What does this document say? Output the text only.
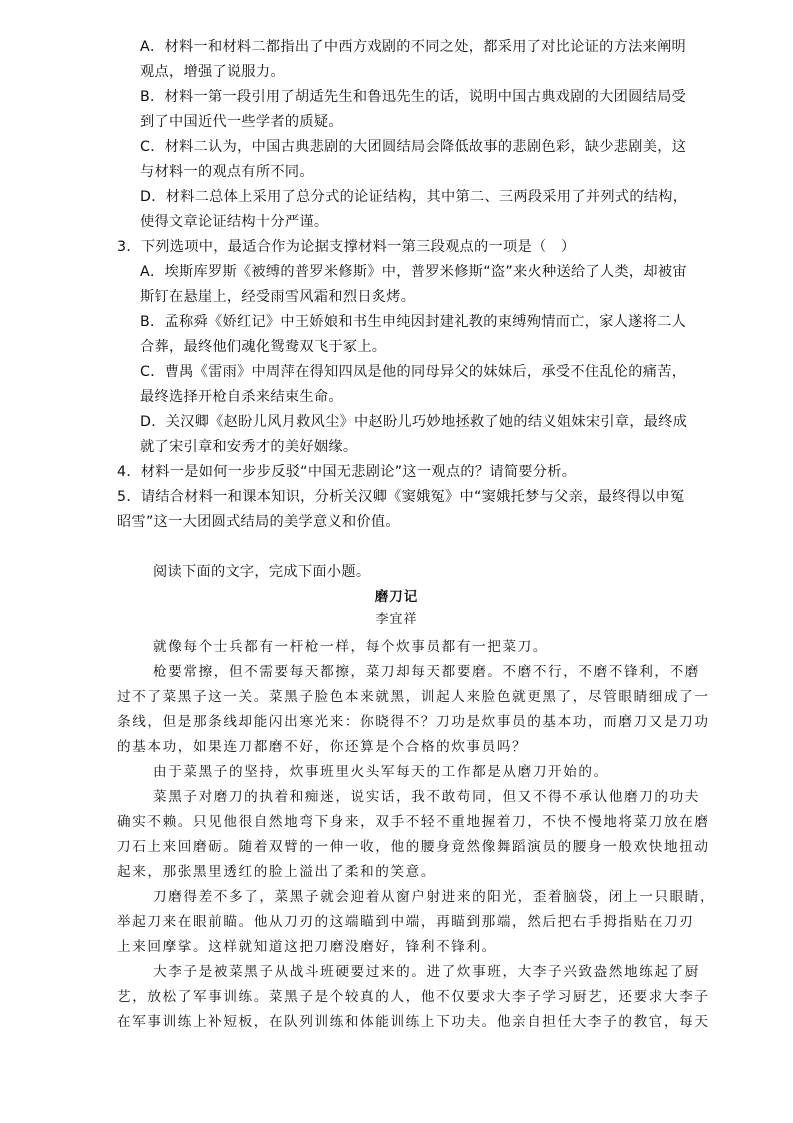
A．材料一和材料二都指出了中西方戏剧的不同之处，都采用了对比论证的方法来阐明
观点，增强了说服力。
B．材料一第一段引用了胡适先生和鲁迅先生的话，说明中国古典戏剧的大团圆结局受
到了中国近代一些学者的质疑。
C．材料二认为，中国古典悲剧的大团圆结局会降低故事的悲剧色彩，缺少悲剧美，这
与材料一的观点有所不同。
D．材料二总体上采用了总分式的论证结构，其中第二、三两段采用了并列式的结构，
使得文章论证结构十分严谨。
3．下列选项中，最适合作为论据支撑材料一第三段观点的一项是（　）
A．埃斯库罗斯《被缚的普罗米修斯》中，普罗米修斯“盗”来火种送给了人类，却被宙
斯钉在悬崖上，经受雨雪风霜和烈日炙烤。
B．孟称舜《娇红记》中王娇娘和书生申纯因封建礼教的束缚殉情而亡，家人遂将二人
合葬，最终他们魂化鸳鸯双飞于冢上。
C．曹禺《雷雨》中周萍在得知四凤是他的同母异父的妹妹后，承受不住乱伦的痛苦，
最终选择开枪自杀来结束生命。
D．关汉卿《赵盼儿风月救风尘》中赵盼儿巧妙地拯救了她的结义姐妹宋引章，最终成
就了宋引章和安秀才的美好姻缘。
4．材料一是如何一步步反驳“中国无悲剧论”这一观点的？请简要分析。
5．请结合材料一和课本知识，分析关汉卿《窦娥冤》中“窦娥托梦与父亲，最终得以申冤
昭雪”这一大团圆式结局的美学意义和价值。
阅读下面的文字，完成下面小题。
磨刀记
李宜祥
就像每个士兵都有一杆枪一样，每个炊事员都有一把菜刀。
枪要常擦，但不需要每天都擦，菜刀却每天都要磨。不磨不行，不磨不锋利，不磨
过不了菜黑子这一关。菜黑子脸色本来就黑，训起人来脸色就更黑了，尽管眼睛细成了一
条线，但是那条线却能闪出寒光来：你晓得不？刀功是炊事员的基本功，而磨刀又是刀功
的基本功，如果连刀都磨不好，你还算是个合格的炊事员吗？
由于菜黑子的坚持，炊事班里火头军每天的工作都是从磨刀开始的。
菜黑子对磨刀的执着和痴迷，说实话，我不敢苟同，但又不得不承认他磨刀的功夫
确实不赖。只见他很自然地弯下身来，双手不轻不重地握着刀，不快不慢地将菜刀放在磨
刀石上来回磨砺。随着双臂的一伸一收，他的腰身竟然像舞蹈演员的腰身一般欢快地扭动
起来，那张黑里透红的脸上溢出了柔和的笑意。
刀磨得差不多了，菜黑子就会迎着从窗户射进来的阳光，歪着脑袋，闭上一只眼睛，
举起刀来在眼前瞄。他从刀刃的这端瞄到中端，再瞄到那端，然后把右手拇指贴在刀刃
上来回摩挲。这样就知道这把刀磨没磨好，锋利不锋利。
大李子是被菜黑子从战斗班硬要过来的。进了炊事班，大李子兴致盎然地练起了厨
艺，放松了军事训练。菜黑子是个较真的人，他不仅要求大李子学习厨艺，还要求大李子
在军事训练上补短板，在队列训练和体能训练上下功夫。他亲自担任大李子的教官，每天
